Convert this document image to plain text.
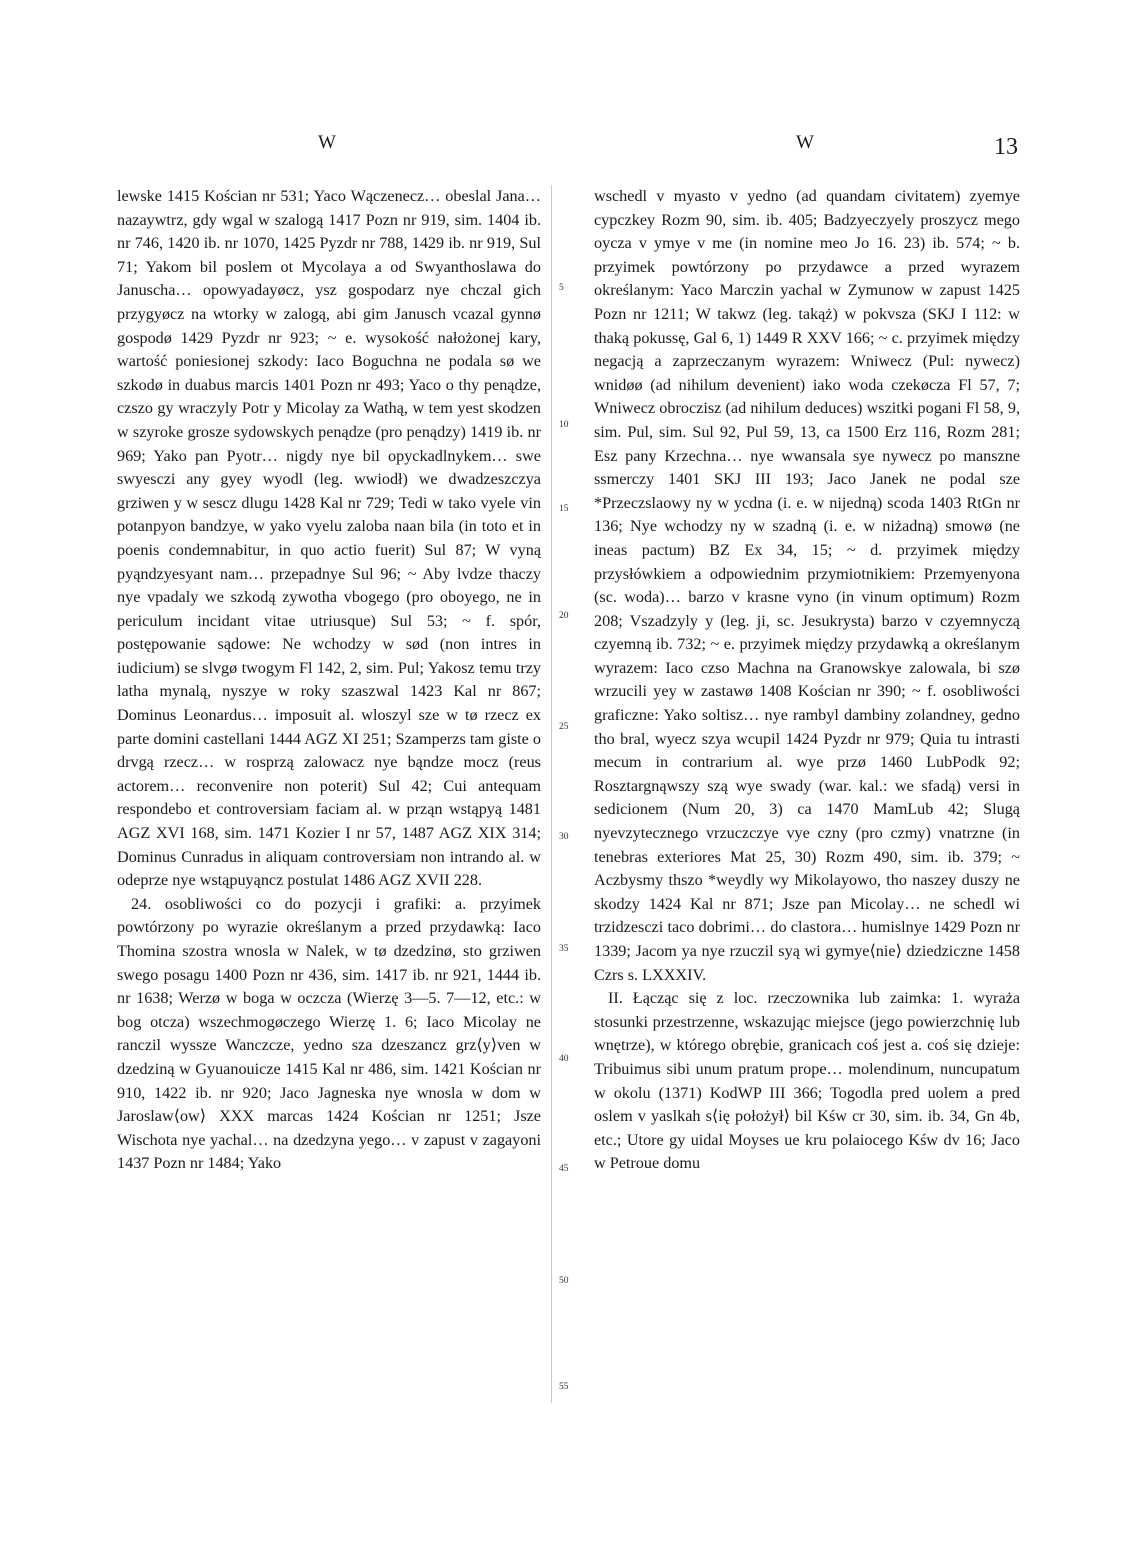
W	W	13

lewske 1415 Kościan nr 531; Yaco Wączenecz… obeslal Jana… nazaywtrz, gdy wgal w szalogą 1417 Pozn nr 919, sim. 1404 ib. nr 746, 1420 ib. nr 1070, 1425 Pyzdr nr 788, 1429 ib. nr 919, Sul 71; Yakom bil poslem ot Mycolaya a od Swyanthoslawa do Januscha… opowyadayøcz, ysz gospodarz nye chczal gich przygyøcz na wtorky w zalogą, abi gim Janusch vcazal gynnø gospodø 1429 Pyzdr nr 923; ~ e. wysokość nałożonej kary, wartość poniesionej szkody: Iaco Boguchna ne podala sø we szkodø in duabus marcis 1401 Pozn nr 493; Yaco o thy penądze, czszo gy wraczyly Potr y Micolay za Wathą, w tem yest skodzen w szyroke grosze sydowskych penądze (pro penądzy) 1419 ib. nr 969; Yako pan Pyotr… nigdy nye bil opyckadlnykem… swe swyesczi any gyey wyodl (leg. wwiodł) we dwadzeszczya grziwen y w sescz dlugu 1428 Kal nr 729; Tedi w tako vyele vin potanpyon bandzye, w yako vyelu zaloba naan bila (in toto et in poenis condemnabitur, in quo actio fuerit) Sul 87; W vyną pyąndzyesyant nam… przepadnye Sul 96; ~ Aby lvdze thaczy nye vpadaly we szkodą zywotha vbogego (pro oboyego, ne in periculum incidant vitae utriusque) Sul 53; ~ f. spór, postępowanie sądowe: Ne wchodzy w sød (non intres in iudicium) se slvgø twogym Fl 142, 2, sim. Pul; Yakosz temu trzy latha mynalą, nyszye w roky szaszwal 1423 Kal nr 867; Dominus Leonardus… imposuit al. wloszyl sze w tø rzecz ex parte domini castellani 1444 AGZ XI 251; Szamperzs tam giste o drvgą rzecz… w rosprzą zalowacz nye bąndze mocz (reus actorem… reconvenire non poterit) Sul 42; Cui antequam respondebo et controversiam faciam al. w prząn wstąpyą 1481 AGZ XVI 168, sim. 1471 Kozier I nr 57, 1487 AGZ XIX 314; Dominus Cunradus in aliquam controversiam non intrando al. w odeprze nye wstąpuyąncz postulat 1486 AGZ XVII 228.

24. osobliwości co do pozycji i grafiki: a. przyimek powtórzony po wyrazie określanym a przed przydawką: Iaco Thomina szostra wnosla w Nalek, w tø dzedzinø, sto grziwen swego posagu 1400 Pozn nr 436, sim. 1417 ib. nr 921, 1444 ib. nr 1638; Werzø w boga w oczcza (Wierzę 3—5. 7—12, etc.: w bog otcza) wszechmogøczego Wierzę 1. 6; Iaco Micolay ne ranczil wyssze Wanczcze, yedno sza dzeszancz grz⟨y⟩ven w dzedziną w Gyuanouicze 1415 Kal nr 486, sim. 1421 Kościan nr 910, 1422 ib. nr 920; Jaco Jagneska nye wnosla w dom w Jaroslaw⟨ow⟩ XXX marcas 1424 Kościan nr 1251; Jsze Wischota nye yachal… na dzedzyna yego… v zapust v zagayoni 1437 Pozn nr 1484; Yako

5
10
15
20
25
30
35
40
45
50
55

wschedl v myasto v yedno (ad quandam civitatem) zyemye cypczkey Rozm 90, sim. ib. 405; Badzyeczyely proszycz mego oycza v ymye v me (in nomine meo Jo 16. 23) ib. 574; ~ b. przyimek powtórzony po przydawce a przed wyrazem określanym: Yaco Marczin yachal w Zymunow w zapust 1425 Pozn nr 1211; W takwz (leg. takąż) w pokvsza (SKJ I 112: w thaką pokussę, Gal 6, 1) 1449 R XXV 166; ~ c. przyimek między negacją a zaprzeczanym wyrazem: Wniwecz (Pul: nywecz) wnidøø (ad nihilum devenient) iako woda czekøcza Fl 57, 7; Wniwecz obroczisz (ad nihilum deduces) wszitki pogani Fl 58, 9, sim. Pul, sim. Sul 92, Pul 59, 13, ca 1500 Erz 116, Rozm 281; Esz pany Krzechna… nye wwansala sye nywecz po manszne ssmerczy 1401 SKJ III 193; Jaco Janek ne podal sze *Przeczslaowy ny w ycdna (i. e. w nijedną) scoda 1403 RtGn nr 136; Nye wchodzy ny w szadną (i. e. w niżadną) smowø (ne ineas pactum) BZ Ex 34, 15; ~ d. przyimek między przysłówkiem a odpowiednim przymiotnikiem: Przemyenyona (sc. woda)… barzo v krasne vyno (in vinum optimum) Rozm 208; Vszadzyly y (leg. ji, sc. Jesukrysta) barzo v czyemnyczą czyemną ib. 732; ~ e. przyimek między przydawką a określanym wyrazem: Iaco czso Machna na Granowskye zalowala, bi szø wrzucili yey w zastawø 1408 Kościan nr 390; ~ f. osobliwości graficzne: Yako soltisz… nye rambyl dambiny zolandney, gedno tho bral, wyecz szya wcupil 1424 Pyzdr nr 979; Quia tu intrasti mecum in contrarium al. wye przø 1460 LubPodk 92; Rosztargnąwszy szą wye swady (war. kal.: we sfadą) versi in sedicionem (Num 20, 3) ca 1470 MamLub 42; Slugą nyevzytecznego vrzuczczye vye czny (pro czmy) vnatrzne (in tenebras exteriores Mat 25, 30) Rozm 490, sim. ib. 379; ~ Aczbysmy thszo *weydly wy Mikolayowo, tho naszey duszy ne skodzy 1424 Kal nr 871; Jsze pan Micolay… ne schedl wi trzidzesczi taco dobrimi… do clastora… humislnye 1429 Pozn nr 1339; Jacom ya nye rzuczil syą wi gymye⟨nie⟩ dziedziczne 1458 Czrs s. LXXXIV.

II. Łącząc się z loc. rzeczownika lub zaimka: 1. wyraża stosunki przestrzenne, wskazując miejsce (jego powierzchnię lub wnętrze), w którego obrębie, granicach coś jest a. coś się dzieje: Tribuimus sibi unum pratum prope… molendinum, nuncupatum w okolu (1371) KodWP III 366; Togodla pred uolem a pred oslem v yaslkah s⟨ię położył⟩ bil Kśw cr 30, sim. ib. 34, Gn 4b, etc.; Utore gy uidal Moyses ue kru polaiocego Kśw dv 16; Jaco w Petroue domu
